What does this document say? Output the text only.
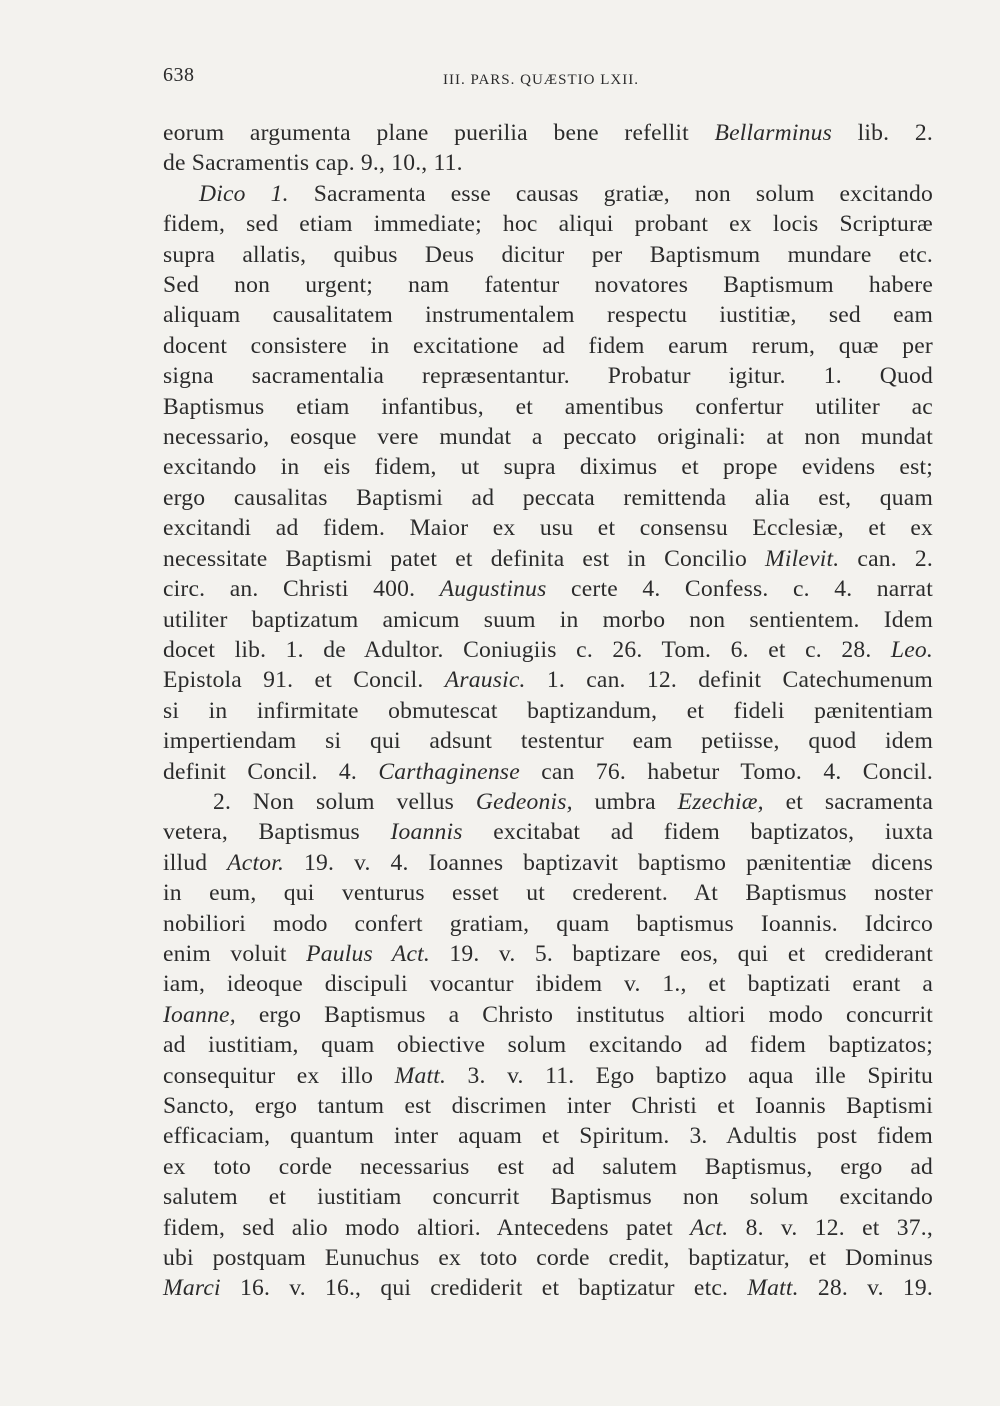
638	III. PARS. QUÆSTIO LXII.
eorum argumenta plane puerilia bene refellit Bellarminus lib. 2.
de Sacramentis cap. 9., 10., 11.
Dico 1. Sacramenta esse causas gratiæ, non solum excitando
fidem, sed etiam immediate; hoc aliqui probant ex locis Scripturæ
supra allatis, quibus Deus dicitur per Baptismum mundare etc.
Sed non urgent; nam fatentur novatores Baptismum habere
aliquam causalitatem instrumentalem respectu iustitiæ, sed eam
docent consistere in excitatione ad fidem earum rerum, quæ per
signa sacramentalia repræsentantur. Probatur igitur. 1. Quod
Baptismus etiam infantibus, et amentibus confertur utiliter ac
necessario, eosque vere mundat a peccato originali: at non mundat
excitando in eis fidem, ut supra diximus et prope evidens est;
ergo causalitas Baptismi ad peccata remittenda alia est, quam
excitandi ad fidem. Maior ex usu et consensu Ecclesiæ, et ex
necessitate Baptismi patet et definita est in Concilio Milevit. can. 2.
circ. an. Christi 400. Augustinus certe 4. Confess. c. 4. narrat
utiliter baptizatum amicum suum in morbo non sentientem. Idem
docet lib. 1. de Adultor. Coniugiis c. 26. Tom. 6. et c. 28. Leo.
Epistola 91. et Concil. Arausic. 1. can. 12. definit Catechumenum
si in infirmitate obmutescat baptizandum, et fideli pænitentiam
impertiendam si qui adsunt testentur eam petiisse, quod idem
definit Concil. 4. Carthaginense can 76. habetur Tomo. 4. Concil.
2. Non solum vellus Gedeonis, umbra Ezechiæ, et sacramenta
vetera, Baptismus Ioannis excitabat ad fidem baptizatos, iuxta
illud Actor. 19. v. 4. Ioannes baptizavit baptismo pænitentiæ dicens
in eum, qui venturus esset ut crederent. At Baptismus noster
nobiliori modo confert gratiam, quam baptismus Ioannis. Idcirco
enim voluit Paulus Act. 19. v. 5. baptizare eos, qui et crediderant
iam, ideoque discipuli vocantur ibidem v. 1., et baptizati erant a
Ioanne, ergo Baptismus a Christo institutus altiori modo concurrit
ad iustitiam, quam obiective solum excitando ad fidem baptizatos;
consequitur ex illo Matt. 3. v. 11. Ego baptizo aqua ille Spiritu
Sancto, ergo tantum est discrimen inter Christi et Ioannis Baptismi
efficaciam, quantum inter aquam et Spiritum. 3. Adultis post fidem
ex toto corde necessarius est ad salutem Baptismus, ergo ad
salutem et iustitiam concurrit Baptismus non solum excitando
fidem, sed alio modo altiori. Antecedens patet Act. 8. v. 12. et 37.,
ubi postquam Eunuchus ex toto corde credit, baptizatur, et Dominus
Marci 16. v. 16., qui crediderit et baptizatur etc. Matt. 28. v. 19.
